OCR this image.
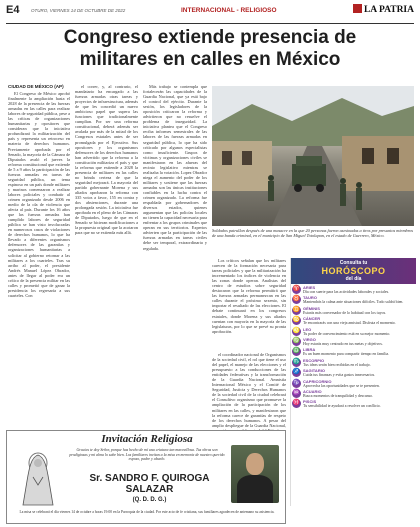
E4	OTURO, VIERNES 14 DE OCTUBRE DE 2022	INTERNACIONAL - RELIGIOSO	LA PATRIA
Congreso extiende presencia de
militares en calles en México
CIUDAD DE MÉXICO (AP)

El Congreso de México aprobó finalmente la ampliación hasta el 2028 de la presencia de las fuerzas armadas en las calles para realizar labores de seguridad pública, pese a las críticas de organizaciones humanitarias y opositores que consideran que la iniciativa profundizará la militarización del país y representa un retroceso en materia de derechos humanos. Previamente aprobada por el Senado, la mayoría de la Cámara de Diputados avaló el jueves la reforma constitucional que extiende de 5 a 9 años la participación de las fuerzas armadas en tareas de seguridad pública, un tema espinoso en un país donde militares y marinos comenzaron a realizar labores policiales y combatir al crimen organizado desde 2006 en medio de la ola de violencia que afecta al país. Durante los 16 años que las fuerzas armadas han cumplido labores de seguridad pública se han visto involucradas en numerosos casos de violaciones de derechos humanos, lo que ha llevado a diferentes organismos defensores de las garantías y organizaciones humanitarias a solicitar al gobierno retornar a las militares a los cuarteles. Tras su arribo al poder, el presidente Andrés Manuel López Obrador, antes de llegar al poder era un crítico de la presencia militar en las calles y prometió que de ganar la presidencia los regresaría a sus cuarteles. Con

el correr, y, al contrario, el mandatario ha encargado a las fuerzas armadas otras tareas y proyectos de infraestructura, además de que les concedió un nuevo ambicioso papel que supera las funciones que tradicionalmente cumplían. Por ser una reforma constitucional, deberá además ser avalada por más de la mitad de los Congresos estatales antes de ser promulgada por el Ejecutivo. Sus opositores y los organismos defensores de los derechos humanos han advertido que la reforma a la constitución militariza el país y que la reforma que extiende a 2028 la presencia de militares en las calles no brinda certeza de que la seguridad mejorará. La mayoría del partido gobernante Morena y sus aliados aprobaron la reforma con 335 votos a favor, 155 en contra y dos abstenciones, durante una prolongada sesión. La iniciativa fue aprobada en el pleno de las Cámaras de Diputados, luego de que en el Senado se hicieran modificaciones a la propuesta original que la acotaron para que no se extienda más allá.

Más trabajo se contempla que fortalecerán las capacidades de la Guardia Nacional, que ya está bajo el control del ejército. Durante la sesión, los legisladores de la oposición criticaron la reforma y advirtieron que no resuelve el problema de inseguridad. La iniciativa plantea que el Congreso reciba informes semestrales de las labores de las fuerzas armadas en seguridad pública, lo que ha sido criticado por algunos especialistas como insuficiente. Grupos de víctimas y organizaciones civiles se manifestaron en las afueras del recinto legislativo mientras se realizaba la votación. Lopez Obrador niega el aumento del poder de los militares y sostiene que las fuerzas armadas son las únicas instituciones confiables en la lucha contra el crimen organizado. La reforma fue respaldada por gobernadores de diversos estados, quienes argumentan que las policías locales no tienen la capacidad necesaria para enfrentar a los grupos criminales que operan en sus territorios. Expertos advierten que la participación de las fuerzas armadas en tareas civiles debe ser temporal, extraordinaria y regulada.

Soldados patrullan después de una masacre en la que 20 personas fueron asesinadas a tiros por presuntos miembros de una banda criminal, en el municipio de San Miguel Totolapan, en el estado de Guerrero, México.

Los críticos señalan que los militares carecen de la formación necesaria para tareas policiales y que la militarización ha incrementado los índices de violencia en las zonas donde operan. Analistas del centro de estudios sobre seguridad destacaron que la reforma permitirá que las fuerzas armadas permanezcan en las calles durante el próximo sexenio, sin importar el resultado de las elecciones. El debate continuará en los congresos estatales, donde Morena y sus aliados cuentan con mayoría en la mayoría de las legislaturas, por lo que se prevé su pronta aprobación.

el coordinador nacional de Organismos de la sociedad civil, el rol que tiene el uso del papel, el manejo de las elecciones y el presupuesto a las conducciones de las entidades federativas y la transformación de la Guardia Nacional. Amnistía Internacional México y el Comité de Seguridad, Justicia y Derechos Humanos de la sociedad civil de la ciudad celebrará el Consultivo organismo que promueve la ampliación de la participación de los militares en las calles, y manifestaron que la reforma carece de garantías de respeto de los derechos humanos. A pesar del amplio despliegue de la Guardia Nacional,

Consulta tu
HORÓSCOPO
del día
♈ ARIES
Día con suerte para las actividades laborales y sociales.
♉ TAURO
Mantendrás la calma ante situaciones difíciles. Todo saldrá bien.
♊ GÉMINIS
Estarás más conversador de lo habitual con los tuyos.
♋ CÁNCER
Te encontrarás con una vieja amistad. Disfruta el momento.
♌ LEO
Tu poder de convencimiento está en su mejor momento.
♍ VIRGO
Hoy estarás muy centrado en tus metas y objetivos.
♎ LIBRA
Es un buen momento para compartir tiempo en familia.
♏ ESCORPIO
Tus ideas serán bien recibidas en el trabajo.
♐ SAGITARIO
Cuida tus finanzas y evita gastos innecesarios.
♑ CAPRICORNIO
Aprovecha las oportunidades que se te presenten.
♒ ACUARIO
Busca momentos de tranquilidad y descanso.
♓ PISCIS
Tu sensibilidad te ayudará a resolver un conflicto.
Invitación Religiosa
Gracias te doy Señor, porque has hecho de mí una criatura tan maravillosa. Tus obras son prodigiosas y mi alma lo sabe bien. Los familiares invitan a la misa en memoria de nuestro querido esposo, padre y abuelo.
Sr. SANDRO F. QUIROGA
SALAZAR
(Q. D. D. G.)
La misa se celebrará el día viernes 14 de octubre a horas 19:00 en la Parroquia de la ciudad. Por este acto de fe cristiana, sus familiares agradecen de antemano su asistencia.
